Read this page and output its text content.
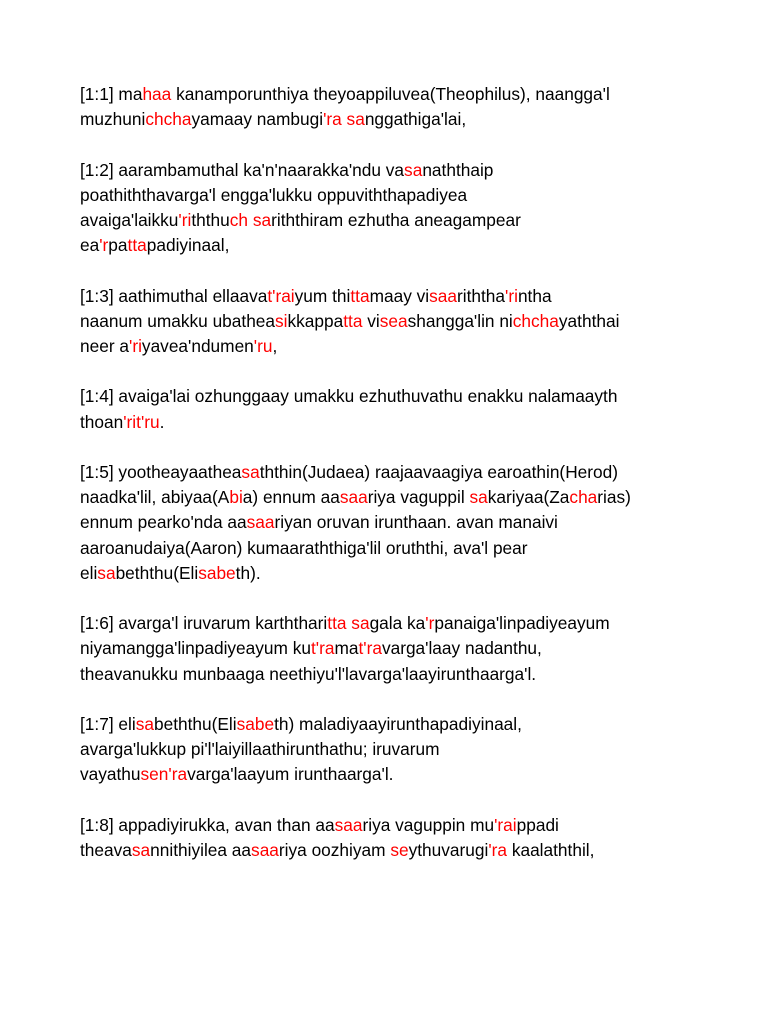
[1:1] mahaa kanamporunthiya theyoappiluvea(Theophilus), naangga'l
muzhunichchayamaay nambugi'ra sanggathiga'lai,
[1:2] aarambamuthal ka'n'naarakka'ndu vasanaththaip
poathiththavarga'l engga'lukku oppuviththapadiyea
avaiga'laikku'riththuch sariththiram ezhutha aneagampear
ea'rpattapadiyinaal,
[1:3] aathimuthal ellaavat'raiyum thittamaay visaariththa'rintha
naanum umakku ubatheasikkappatta viseashangga'lin nichchayaththai
neer a'riyavea'ndumen'ru,
[1:4] avaiga'lai ozhunggaay umakku ezhuthuvathu enakku nalamaayth
thoan'rit'ru.
[1:5] yootheayaatheasaththin(Judaea) raajaavaagiya earoathin(Herod)
naadka'lil, abiyaa(Abia) ennum aasaariya vaguppil sakariyaa(Zacharias)
ennum pearko'nda aasaariyan oruvan irunthaan. avan manaivi
aaroanudaiya(Aaron) kumaaraththiga'lil oruththi, ava'l pear
elisabeththu(Elisabeth).
[1:6] avarga'l iruvarum karththaritta sagala ka'rpanaiga'linpadiyeayum
niyamangga'linpadiyeayum kut'ramat'ravarga'laay nadanthu,
theavanukku munbaaga neethiyu'l'lavarga'laayirunthaarga'l.
[1:7] elisabeththu(Elisabeth) maladiyaayirunthapadiyinaal,
avarga'lukkup pi'l'laiyillaathirunthathu; iruvarum
vayathusen'ravarga'laayum irunthaarga'l.
[1:8] appadiyirukka, avan than aasaariya vaguppin mu'raippadi
theavasannithiyilea aasaariya oozhiyam seythuvarugi'ra kaalaththil,
